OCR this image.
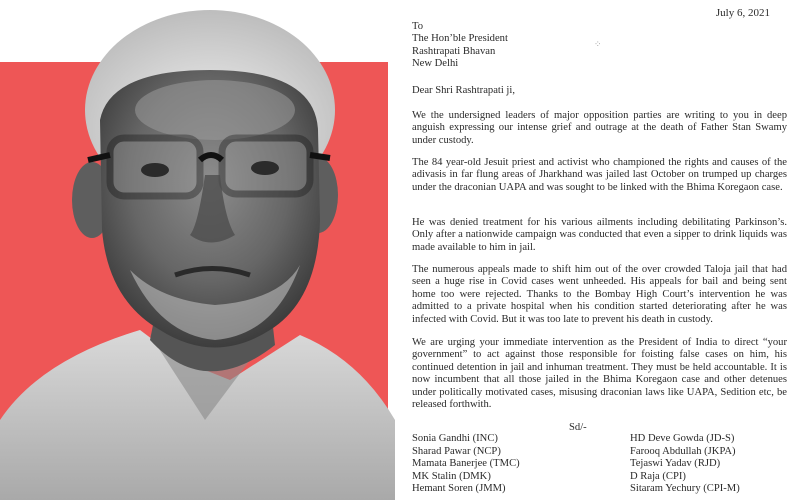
July 6, 2021
To
The Hon’ble President
Rashtrapati Bhavan
New Delhi
⁘
Dear Shri Rashtrapati ji,

We the undersigned leaders of major opposition parties are writing to you in deep anguish expressing our intense grief and outrage at the death of Father Stan Swamy under custody.

The 84 year-old Jesuit priest and activist who championed the rights and causes of the adivasis in far flung areas of Jharkhand was jailed last October on trumped up charges under the draconian UAPA and was sought to be linked with the Bhima Koregaon case.

He was denied treatment for his various ailments including debilitating Parkinson’s. Only after a nationwide campaign was conducted that even a sipper to drink liquids was made available to him in jail.

The numerous appeals made to shift him out of the over crowded Taloja jail that had seen a huge rise in Covid cases went unheeded. His appeals for bail and being sent home too were rejected. Thanks to the Bombay High Court’s intervention he was admitted to a private hospital when his condition started deteriorating after he was infected with Covid. But it was too late to prevent his death in custody.

We are urging your immediate intervention as the President of India to direct “your government” to act against those responsible for foisting false cases on him, his continued detention in jail and inhuman treatment. They must be held accountable. It is now incumbent that all those jailed in the Bhima Koregaon case and other detenues under politically motivated cases, misusing draconian laws like UAPA, Sedition etc, be released forthwith.

Sd/-
Sonia Gandhi (INC)
Sharad Pawar (NCP)
Mamata Banerjee (TMC)
MK Stalin (DMK)
Hemant Soren (JMM)
HD Deve Gowda (JD-S)
Farooq Abdullah (JKPA)
Tejaswi Yadav (RJD)
D Raja (CPI)
Sitaram Yechury (CPI-M)
